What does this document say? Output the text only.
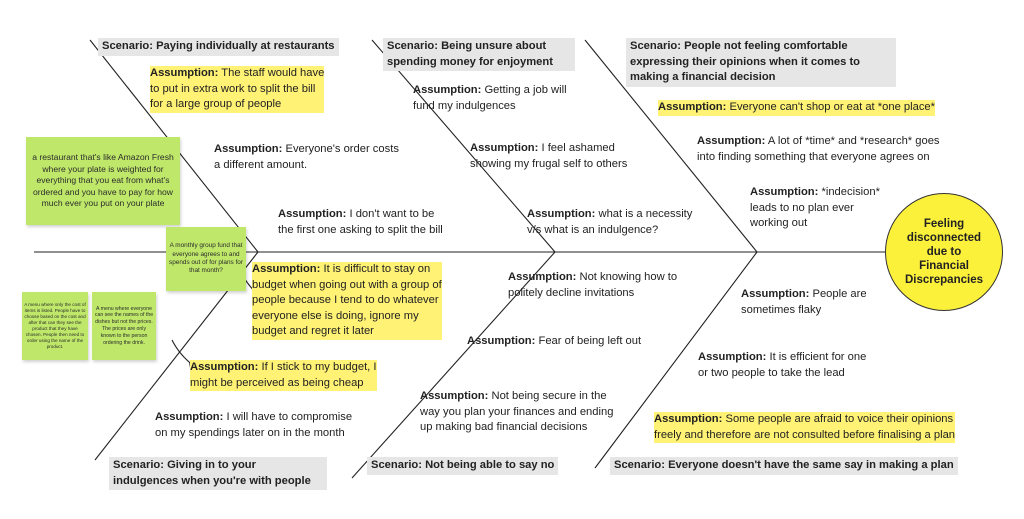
Feeling
disconnected
due to
Financial
Discrepancies
Scenario: Paying individually at restaurants	Scenario: Being unsure about
spending money for enjoyment
Scenario: People not feeling comfortable
expressing their opinions when it comes to
making a financial decision
Scenario: Giving in to your
indulgences when you're with people
Scenario: Not being able to say no	Scenario: Everyone doesn't have the same say in making a plan
Assumption: The staff would have
to put in extra work to split the bill
for a large group of people
Assumption: Everyone's order costs
a different amount.
Assumption: I don't want to be
the first one asking to split the bill
Assumption: Getting a job will
fund my indulgences
Assumption: I feel ashamed
showing my frugal self to others
Assumption: what is a necessity
v/s what is an indulgence?
Assumption: Everyone can't shop or eat at *one place*
Assumption: A lot of *time* and *research* goes
into finding something that everyone agrees on
Assumption: *indecision*
leads to no plan ever
working out
Assumption: It is difficult to stay on
budget when going out with a group of
people because I tend to do whatever
everyone else is doing, ignore my
budget and regret it later
Assumption: If I stick to my budget, I
might be perceived as being cheap
Assumption: I will have to compromise
on my spendings later on in the month
Assumption: Not knowing how to
politely decline invitations
Assumption: Fear of being left out
Assumption: Not being secure in the
way you plan your finances and ending
up making bad financial decisions
Assumption: People are
sometimes flaky
Assumption: It is efficient for one
or two people to take the lead
Assumption: Some people are afraid to voice their opinions
freely and therefore are not consulted before finalising a plan
a restaurant that's like Amazon Fresh where your plate is weighted for everything that you eat from what's ordered and you have to pay for how much ever you put on your plate
A monthly group fund that everyone agrees to and spends out of for plans for that month?
A menu where only the cost of items is listed. People have to choose based on the cost and after that can they see the product that they have chosen. People then need to order using the name of the product.
A menu where everyone can see the names of the dishes but not the prices. The prices are only known to the person ordering the drink.
